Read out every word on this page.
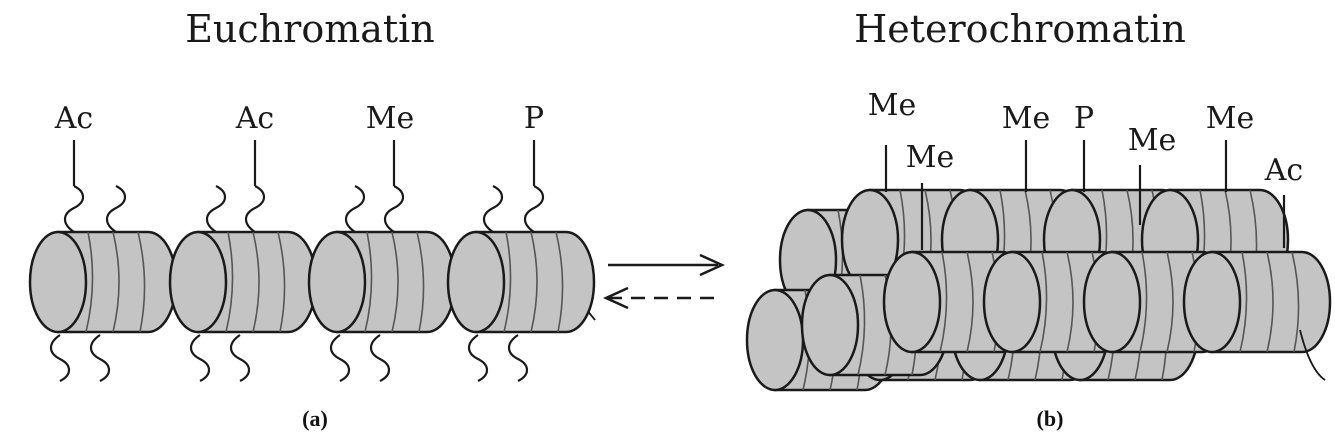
Euchromatin	Heterochromatin
Ac	Ac	Me	P
(a)
Me
Me
Me P
Me
Me
Ac
(b)
